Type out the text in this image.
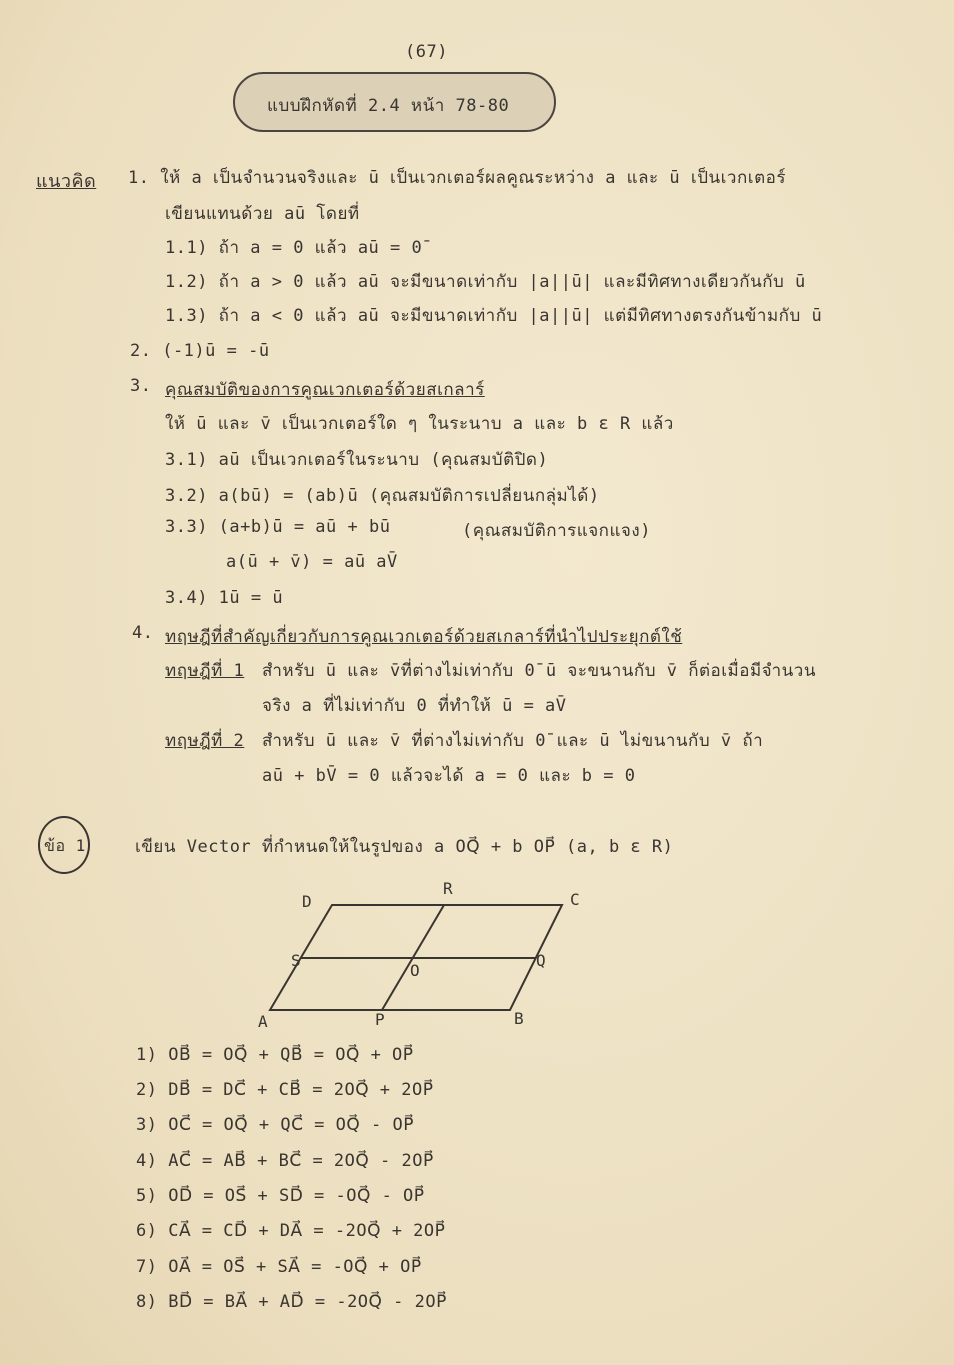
(67)
แบบฝึกหัดที่ 2.4 หน้า 78-80
แนวคิด 1. ให้ a เป็นจำนวนจริงและ ū เป็นเวกเตอร์ผลคูณระหว่าง a และ ū เป็นเวกเตอร์
เขียนแทนด้วย aū โดยที่
1.1) ถ้า a = 0 แล้ว aū = 0̄
1.2) ถ้า a > 0 แล้ว aū จะมีขนาดเท่ากับ |a||ū| และมีทิศทางเดียวกันกับ ū
1.3) ถ้า a < 0 แล้ว aū จะมีขนาดเท่ากับ |a||ū| แต่มีทิศทางตรงกันข้ามกับ ū
2. (-1)ū = -ū
3. คุณสมบัติของการคูณเวกเตอร์ด้วยสเกลาร์
ให้ ū และ v̄ เป็นเวกเตอร์ใด ๆ ในระนาบ a และ b ε R แล้ว
3.1) aū เป็นเวกเตอร์ในระนาบ (คุณสมบัติปิด)
3.2) a(bū) = (ab)ū (คุณสมบัติการเปลี่ยนกลุ่มได้)
3.3) (a+b)ū = aū + bū	(คุณสมบัติการแจกแจง)
a(ū + v̄) = aū aV̄
3.4) 1ū = ū
4. ทฤษฎีที่สำคัญเกี่ยวกับการคูณเวกเตอร์ด้วยสเกลาร์ที่นำไปประยุกต์ใช้
ทฤษฎีที่ 1 สำหรับ ū และ v̄ที่ต่างไม่เท่ากับ 0̄ ū จะขนานกับ v̄ ก็ต่อเมื่อมีจำนวน
จริง a ที่ไม่เท่ากับ 0 ที่ทำให้ ū = aV̄
ทฤษฎีที่ 2 สำหรับ ū และ v̄ ที่ต่างไม่เท่ากับ 0̄ และ ū ไม่ขนานกับ v̄ ถ้า
aū + bV̄ = 0 แล้วจะได้ a = 0 และ b = 0
ข้อ 1	เขียน Vector ที่กำหนดให้ในรูปของ a OQ⃗ + b OP⃗ (a, b ε R)
D
R
C
S
O
Q
A	P	B
1) OB⃗ = OQ⃗ + QB⃗ = OQ⃗ + OP⃗
2) DB⃗ = DC⃗ + CB⃗ = 2OQ⃗ + 2OP⃗
3) OC⃗ = OQ⃗ + QC⃗ = OQ⃗ - OP⃗
4) AC⃗ = AB⃗ + BC⃗ = 2OQ⃗ - 2OP⃗
5) OD⃗ = OS⃗ + SD⃗ = -OQ⃗ - OP⃗
6) CA⃗ = CD⃗ + DA⃗ = -2OQ⃗ + 2OP⃗
7) OA⃗ = OS⃗ + SA⃗ = -OQ⃗ + OP⃗
8) BD⃗ = BA⃗ + AD⃗ = -2OQ⃗ - 2OP⃗
